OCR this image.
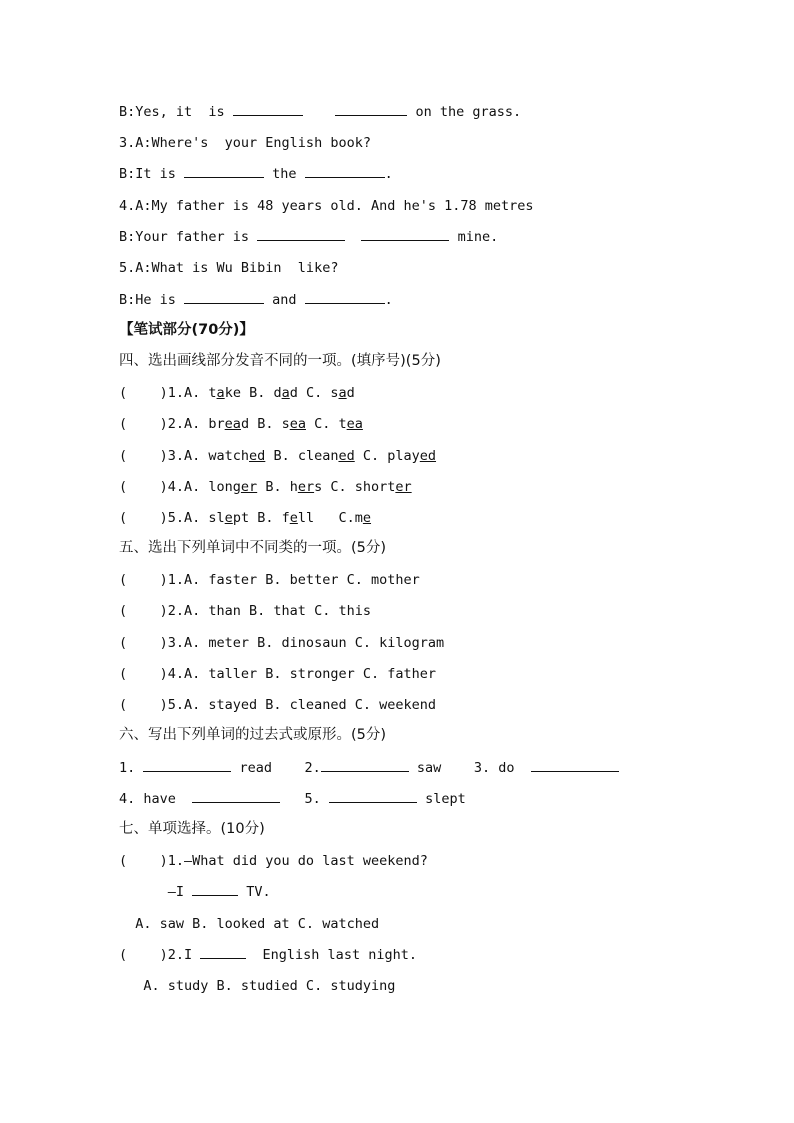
B:Yes, it  is	on the grass.
3.A:Where's  your English book?
B:It is	the	.
4.A:My father is 48 years old. And he's 1.78 metres
B:Your father is	mine.
5.A:What is Wu Bibin  like?
B:He is	and	.
【笔试部分(70分)】
四、选出画线部分发音不同的一项。(填序号)(5分)
(    )1.A. take B. dad C. sad
(    )2.A. bread B. sea C. tea
(    )3.A. watched B. cleaned C. played
(    )4.A. longer B. hers C. shorter
(    )5.A. slept B. fell   C.me
五、选出下列单词中不同类的一项。(5分)
(    )1.A. faster B. better C. mother
(    )2.A. than B. that C. this
(    )3.A. meter B. dinosaun C. kilogram
(    )4.A. taller B. stronger C. father
(    )5.A. stayed B. cleaned C. weekend
六、写出下列单词的过去式或原形。(5分)
1.	read    2.	saw    3. do
4. have	5.	slept
七、单项选择。(10分)
(    )1.—What did you do last weekend?
—I	TV.
A. saw B. looked at C. watched
(    )2.I	English last night.
A. study B. studied C. studying
